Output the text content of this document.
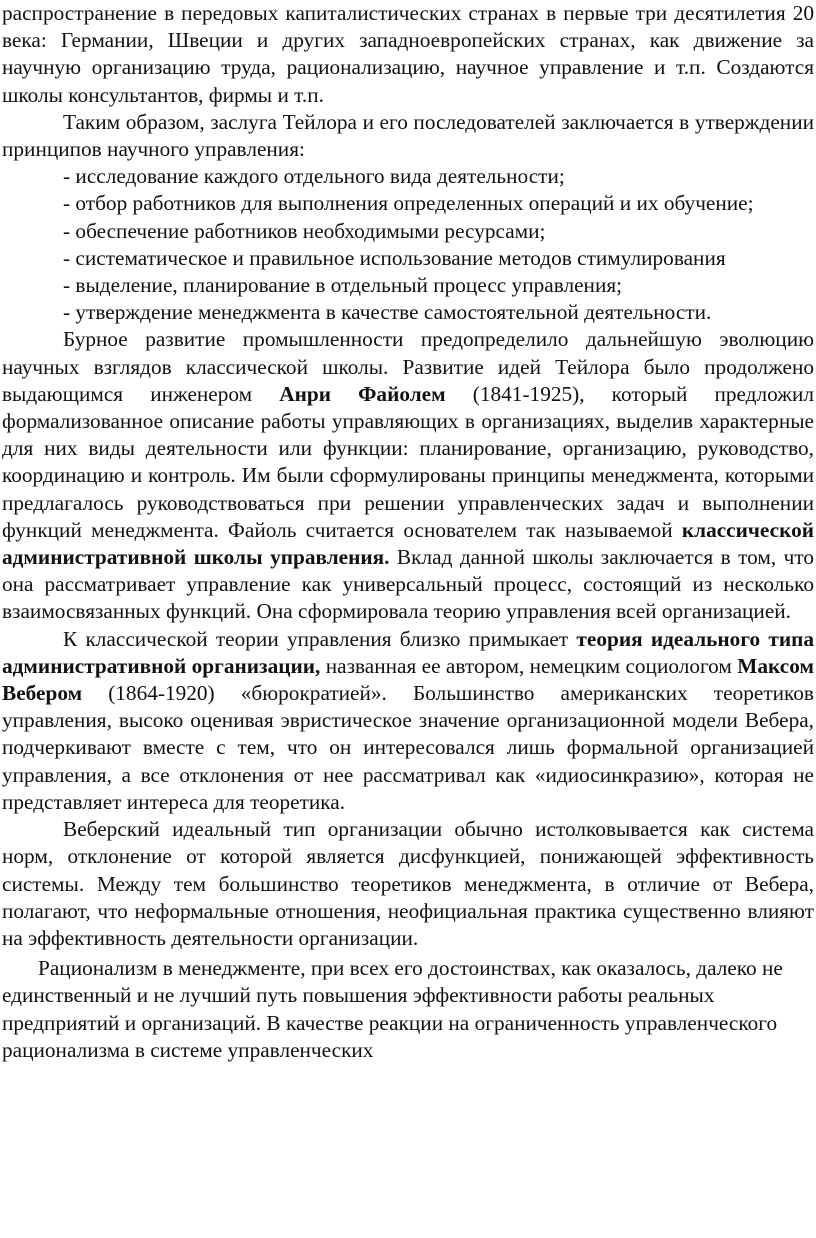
распространение в передовых капиталистических странах в первые три десятилетия 20 века: Германии, Швеции и других западноевропейских странах, как движение за научную организацию труда, рационализацию, научное управление и т.п. Создаются школы консультантов, фирмы и т.п.

Таким образом, заслуга Тейлора и его последователей заключается в утверждении принципов научного управления:

- исследование каждого отдельного вида деятельности;

- отбор работников для выполнения определенных операций и их обучение;

- обеспечение работников необходимыми ресурсами;

- систематическое и правильное использование методов стимулирования

- выделение, планирование в отдельный процесс управления;

- утверждение менеджмента в качестве самостоятельной деятельности.

Бурное развитие промышленности предопределило дальнейшую эволюцию научных взглядов классической школы. Развитие идей Тейлора было продолжено выдающимся инженером Анри Файолем (1841-1925), который предложил формализованное описание работы управляющих в организациях, выделив характерные для них виды деятельности или функции: планирование, организацию, руководство, координацию и контроль. Им были сформулированы принципы менеджмента, которыми предлагалось руководствоваться при решении управленческих задач и выполнении функций менеджмента. Файоль считается основателем так называемой классической административной школы управления. Вклад данной школы заключается в том, что она рассматривает управление как универсальный процесс, состоящий из несколько взаимосвязанных функций. Она сформировала теорию управления всей организацией.

К классической теории управления близко примыкает теория идеального типа административной организации, названная ее автором, немецким социологом Максом Вебером (1864-1920) «бюрократией». Большинство американских теоретиков управления, высоко оценивая эвристическое значение организационной модели Вебера, подчеркивают вместе с тем, что он интересовался лишь формальной организацией управления, а все отклонения от нее рассматривал как «идиосинкразию», которая не представляет интереса для теоретика.

Веберский идеальный тип организации обычно истолковывается как система норм, отклонение от которой является дисфункцией, понижающей эффективность системы. Между тем большинство теоретиков менеджмента, в отличие от Вебера, полагают, что неформальные отношения, неофициальная практика существенно влияют на эффективность деятельности организации.

Рационализм в менеджменте, при всех его достоинствах, как оказалось, далеко не единственный и не лучший путь повышения эффективности работы реальных предприятий и организаций. В качестве реакции на ограниченность управленческого рационализма в системе управленческих
